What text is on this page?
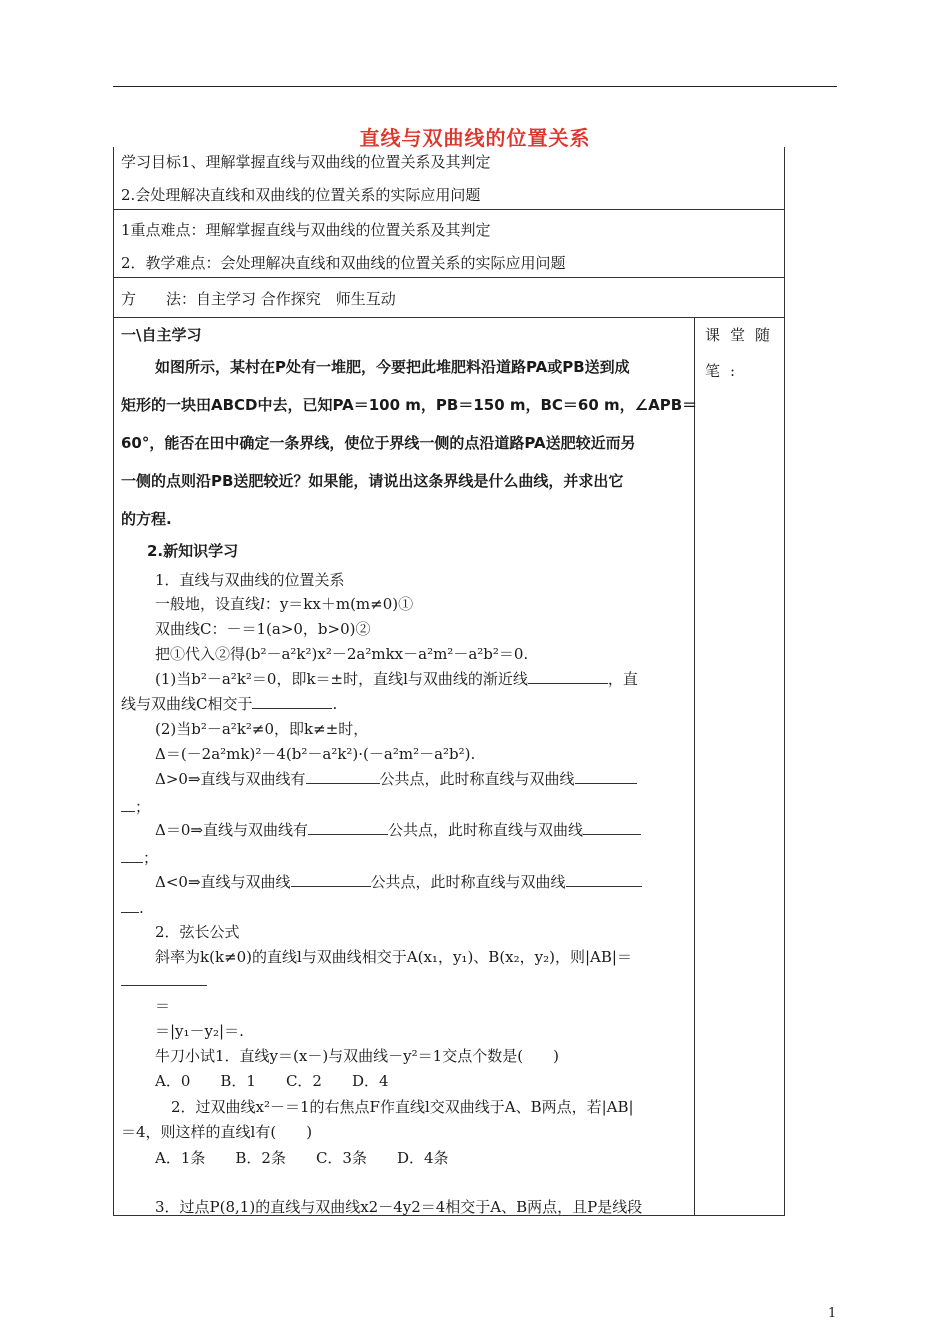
直线与双曲线的位置关系
学习目标1、理解掌握直线与双曲线的位置关系及其判定
2.会处理解决直线和双曲线的位置关系的实际应用问题
1重点难点：理解掌握直线与双曲线的位置关系及其判定
2．教学难点：会处理解决直线和双曲线的位置关系的实际应用问题
方　　法：自主学习 合作探究　师生互动
课堂随
笔:
一\自主学习
如图所示，某村在P处有一堆肥，今要把此堆肥料沿道路PA或PB送到成
矩形的一块田ABCD中去，已知PA＝100 m，PB＝150 m，BC＝60 m，∠APB＝
60°，能否在田中确定一条界线，使位于界线一侧的点沿道路PA送肥较近而另
一侧的点则沿PB送肥较近？如果能，请说出这条界线是什么曲线，并求出它
的方程.
2.新知识学习
1．直线与双曲线的位置关系
一般地，设直线l：y＝kx＋m(m≠0)①
双曲线C：－＝1(a>0，b>0)②
把①代入②得(b²－a²k²)x²－2a²mkx－a²m²－a²b²＝0.
(1)当b²－a²k²＝0，即k＝±时，直线l与双曲线的渐近线	，直
线与双曲线C相交于	.
(2)当b²－a²k²≠0，即k≠±时，
Δ＝(－2a²mk)²－4(b²－a²k²)·(－a²m²－a²b²).
Δ>0⇒直线与双曲线有	公共点，此时称直线与双曲线
；
Δ＝0⇒直线与双曲线有	公共点，此时称直线与双曲线
；
Δ<0⇒直线与双曲线	公共点，此时称直线与双曲线
.
2．弦长公式
斜率为k(k≠0)的直线l与双曲线相交于A(x₁，y₁)、B(x₂，y₂)，则|AB|＝
＝
＝|y₁－y₂|＝.
牛刀小试1．直线y＝(x－)与双曲线－y²＝1交点个数是(　　)
A．0　　B．1　　C．2　　D．4
2．过双曲线x²－＝1的右焦点F作直线l交双曲线于A、B两点，若|AB|
＝4，则这样的直线l有(　　)
A．1条　　B．2条　　C．3条　　D．4条
3．过点P(8,1)的直线与双曲线x2－4y2＝4相交于A、B两点，且P是线段
1
